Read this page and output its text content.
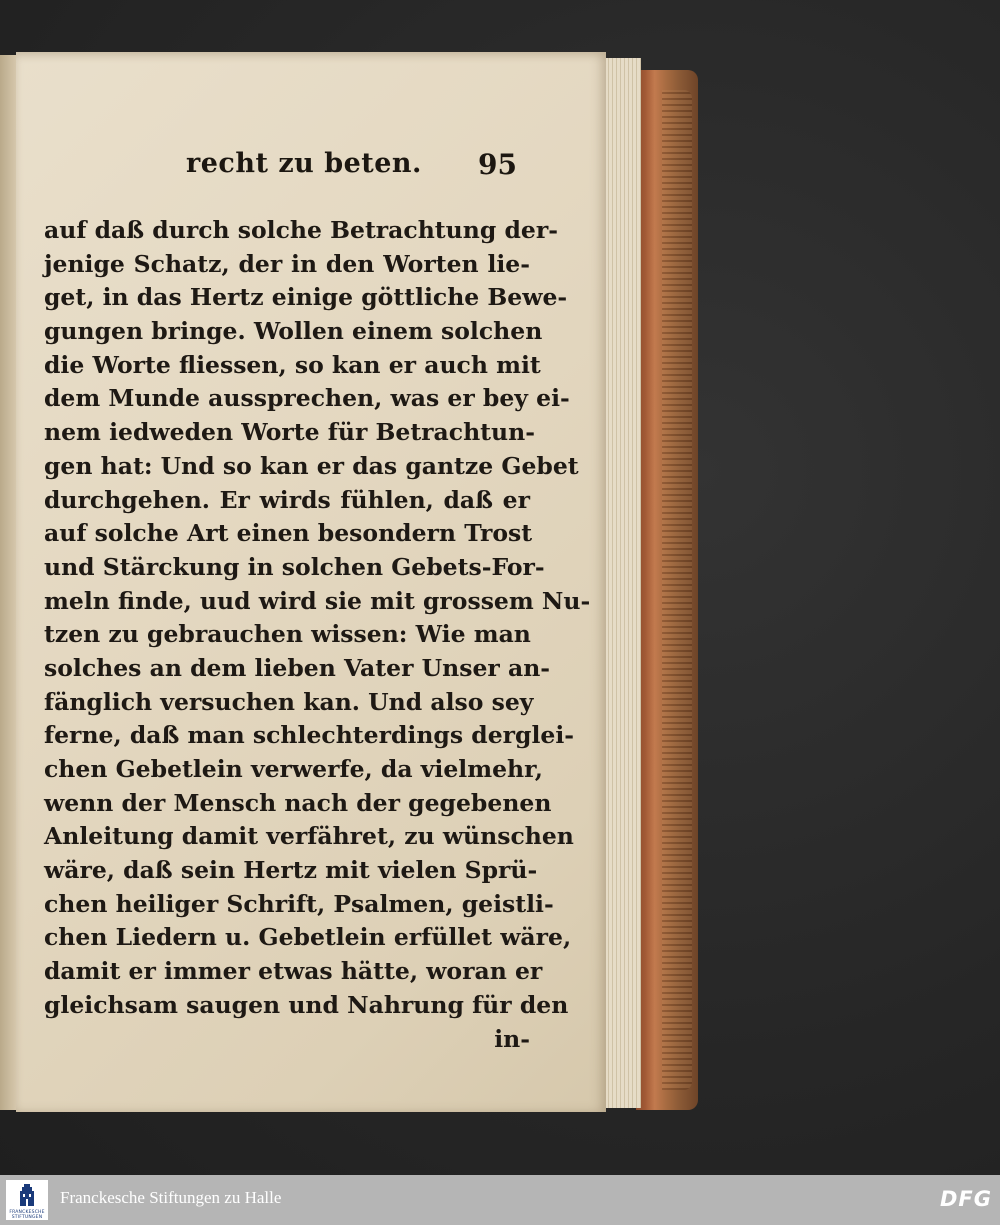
recht zu beten. 95
auf daß durch solche Betrachtung der-
jenige Schatz, der in den Worten lie-
get, in das Hertz einige göttliche Bewe-
gungen bringe. Wollen einem solchen
die Worte fliessen, so kan er auch mit
dem Munde aussprechen, was er bey ei-
nem iedweden Worte für Betrachtun-
gen hat: Und so kan er das gantze Gebet
durchgehen. Er wirds fühlen, daß er
auf solche Art einen besondern Trost
und Stärckung in solchen Gebets-For-
meln finde, uud wird sie mit grossem Nu-
tzen zu gebrauchen wissen: Wie man
solches an dem lieben Vater Unser an-
fänglich versuchen kan. Und also sey
ferne, daß man schlechterdings derglei-
chen Gebetlein verwerfe, da vielmehr,
wenn der Mensch nach der gegebenen
Anleitung damit verfähret, zu wünschen
wäre, daß sein Hertz mit vielen Sprü-
chen heiliger Schrift, Psalmen, geistli-
chen Liedern u. Gebetlein erfüllet wäre,
damit er immer etwas hätte, woran er
gleichsam saugen und Nahrung für den
in-
FRANCKESCHE STIFTUNGEN
Franckesche Stiftungen zu Halle	DFG
